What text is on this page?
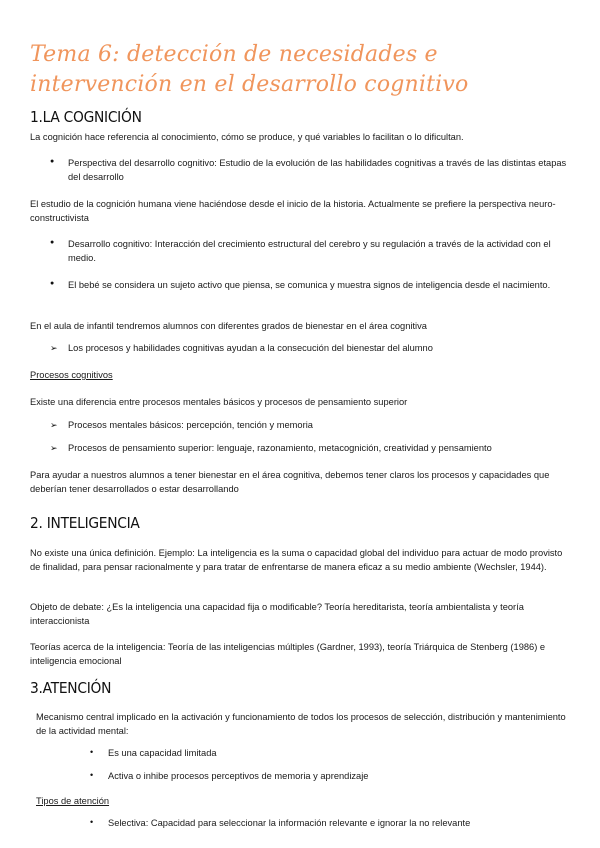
Tema 6: detección de necesidades e intervención en el desarrollo cognitivo
1.LA COGNICIÓN
La cognición hace referencia al conocimiento, cómo se produce, y qué variables lo facilitan o lo dificultan.
● Perspectiva del desarrollo cognitivo: Estudio de la evolución de las habilidades cognitivas a través de las distintas etapas del desarrollo
El estudio de la cognición humana viene haciéndose desde el inicio de la historia. Actualmente se prefiere la perspectiva neuro-constructivista
● Desarrollo cognitivo: Interacción del crecimiento estructural del cerebro y su regulación a través de la actividad con el medio.
● El bebé se considera un sujeto activo que piensa, se comunica y muestra signos de inteligencia desde el nacimiento.
En el aula de infantil tendremos alumnos con diferentes grados de bienestar en el área cognitiva
➢ Los procesos y habilidades cognitivas ayudan a la consecución del bienestar del alumno
Procesos cognitivos
Existe una diferencia entre procesos mentales básicos y procesos de pensamiento superior
➢ Procesos mentales básicos: percepción, tención y memoria
➢ Procesos de pensamiento superior: lenguaje, razonamiento, metacognición, creatividad y pensamiento
Para ayudar a nuestros alumnos a tener bienestar en el área cognitiva, debemos tener claros los procesos y capacidades que deberían tener desarrollados o estar desarrollando
2. INTELIGENCIA
No existe una única definición. Ejemplo: La inteligencia es la suma o capacidad global del individuo para actuar de modo provisto de finalidad, para pensar racionalmente y para tratar de enfrentarse de manera eficaz a su medio ambiente (Wechsler, 1944).
Objeto de debate: ¿Es la inteligencia una capacidad fija o modificable? Teoría hereditarista, teoría ambientalista y teoría interaccionista
Teorías acerca de la inteligencia: Teoría de las inteligencias múltiples (Gardner, 1993), teoría Triárquica de Stenberg (1986) e inteligencia emocional
3.ATENCIÓN
Mecanismo central implicado en la activación y funcionamiento de todos los procesos de selección, distribución y mantenimiento de la actividad mental:
• Es una capacidad limitada
• Activa o inhibe procesos perceptivos de memoria y aprendizaje
Tipos de atención
• Selectiva: Capacidad para seleccionar la información relevante e ignorar la no relevante
